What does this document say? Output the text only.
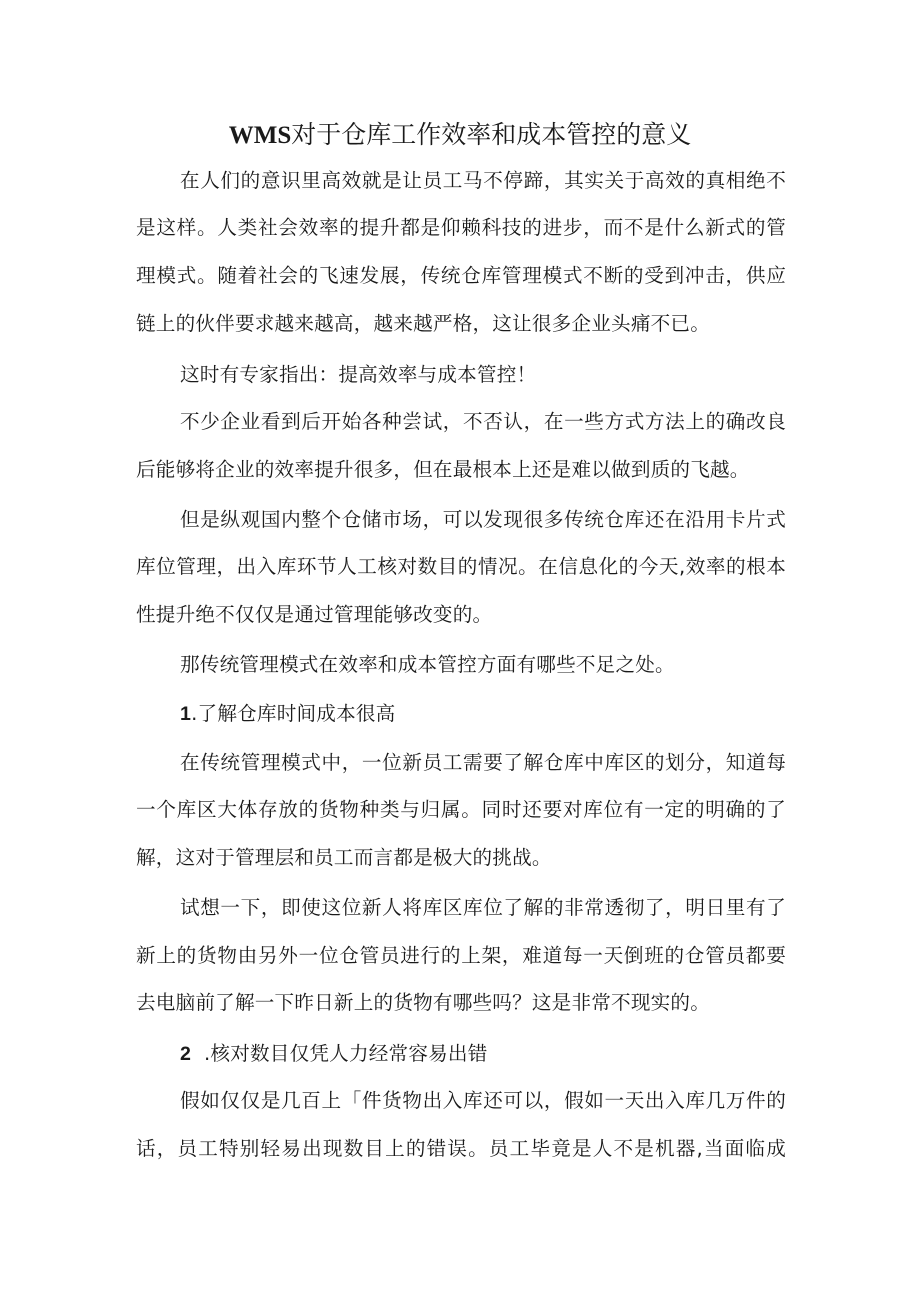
WMS对于仓库工作效率和成本管控的意义

在人们的意识里高效就是让员工马不停蹄，其实关于高效的真相绝不

是这样。人类社会效率的提升都是仰赖科技的进步，而不是什么新式的管

理模式。随着社会的飞速发展，传统仓库管理模式不断的受到冲击，供应

链上的伙伴要求越来越高，越来越严格，这让很多企业头痛不已。

这时有专家指出：提高效率与成本管控！

不少企业看到后开始各种尝试，不否认，在一些方式方法上的确改良

后能够将企业的效率提升很多，但在最根本上还是难以做到质的飞越。

但是纵观国内整个仓储市场，可以发现很多传统仓库还在沿用卡片式

库位管理，出入库环节人工核对数目的情况。在信息化的今天,效率的根本

性提升绝不仅仅是通过管理能够改变的。

那传统管理模式在效率和成本管控方面有哪些不足之处。

1.了解仓库时间成本很高

在传统管理模式中，一位新员工需要了解仓库中库区的划分，知道每

一个库区大体存放的货物种类与归属。同时还要对库位有一定的明确的了

解，这对于管理层和员工而言都是极大的挑战。

试想一下，即使这位新人将库区库位了解的非常透彻了，明日里有了

新上的货物由另外一位仓管员进行的上架，难道每一天倒班的仓管员都要

去电脑前了解一下昨日新上的货物有哪些吗？这是非常不现实的。

2  .核对数目仅凭人力经常容易出错

假如仅仅是几百上「件货物出入库还可以，假如一天出入库几万件的

话，员工特别轻易出现数目上的错误。员工毕竟是人不是机器,当面临成
